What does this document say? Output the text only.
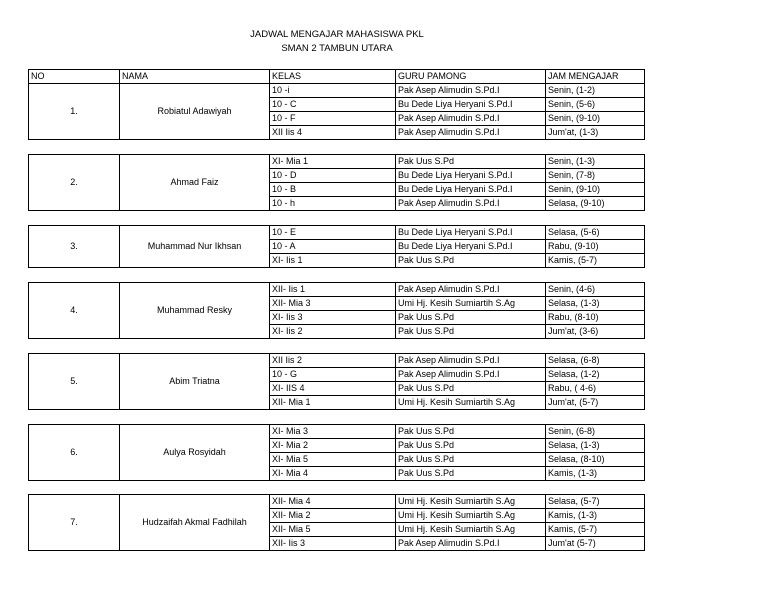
JADWAL MENGAJAR MAHASISWA PKL
SMAN 2 TAMBUN UTARA
NO	NAMA	KELAS	GURU PAMONG	JAM MENGAJAR
1.	Robiatul Adawiyah	10 -i	Pak Asep Alimudin S.Pd.I	Senin, (1-2)
		10 - C	Bu Dede Liya Heryani S.Pd.I	Senin, (5-6)
		10 - F	Pak Asep Alimudin S.Pd.I	Senin, (9-10)
		XII Iis 4	Pak Asep Alimudin S.Pd.I	Jum'at, (1-3)
2.	Ahmad Faiz	XI- Mia 1	Pak Uus S.Pd	Senin, (1-3)
		10 - D	Bu Dede Liya Heryani S.Pd.I	Senin, (7-8)
		10 - B	Bu Dede Liya Heryani S.Pd.I	Senin, (9-10)
		10 - h	Pak Asep Alimudin S.Pd.I	Selasa, (9-10)
3.	Muhammad Nur Ikhsan	10 - E	Bu Dede Liya Heryani S.Pd.I	Selasa, (5-6)
		10 - A	Bu Dede Liya Heryani S.Pd.I	Rabu, (9-10)
		XI- Iis 1	Pak Uus S.Pd	Kamis, (5-7)
4.	Muhammad Resky	XII- Iis 1	Pak Asep Alimudin S.Pd.I	Senin, (4-6)
		XII- Mia 3	Umi Hj. Kesih Sumiartih S.Ag	Selasa, (1-3)
		XI- Iis 3	Pak Uus S.Pd	Rabu, (8-10)
		XI- Iis 2	Pak Uus S.Pd	Jum'at, (3-6)
5.	Abim Triatna	XII Iis 2	Pak Asep Alimudin S.Pd.I	Selasa, (6-8)
		10 - G	Pak Asep Alimudin S.Pd.I	Selasa, (1-2)
		XI- IIS 4	Pak Uus S.Pd	Rabu, ( 4-6)
		XII- Mia 1	Umi Hj. Kesih Sumiartih S.Ag	Jum'at, (5-7)
6.	Aulya Rosyidah	XI- Mia 3	Pak Uus S.Pd	Senin, (6-8)
		XI- Mia 2	Pak Uus S.Pd	Selasa, (1-3)
		XI- Mia 5	Pak Uus S.Pd	Selasa, (8-10)
		XI- Mia 4	Pak Uus S.Pd	Kamis, (1-3)
7.	Hudzaifah Akmal Fadhilah	XII- Mia 4	Umi Hj. Kesih Sumiartih S.Ag	Selasa, (5-7)
		XII- Mia 2	Umi Hj. Kesih Sumiartih S.Ag	Kamis, (1-3)
		XII- Mia 5	Umi Hj. Kesih Sumiartih S.Ag	Kamis, (5-7)
		XII- Iis 3	Pak Asep Alimudin S.Pd.I	Jum'at (5-7)
